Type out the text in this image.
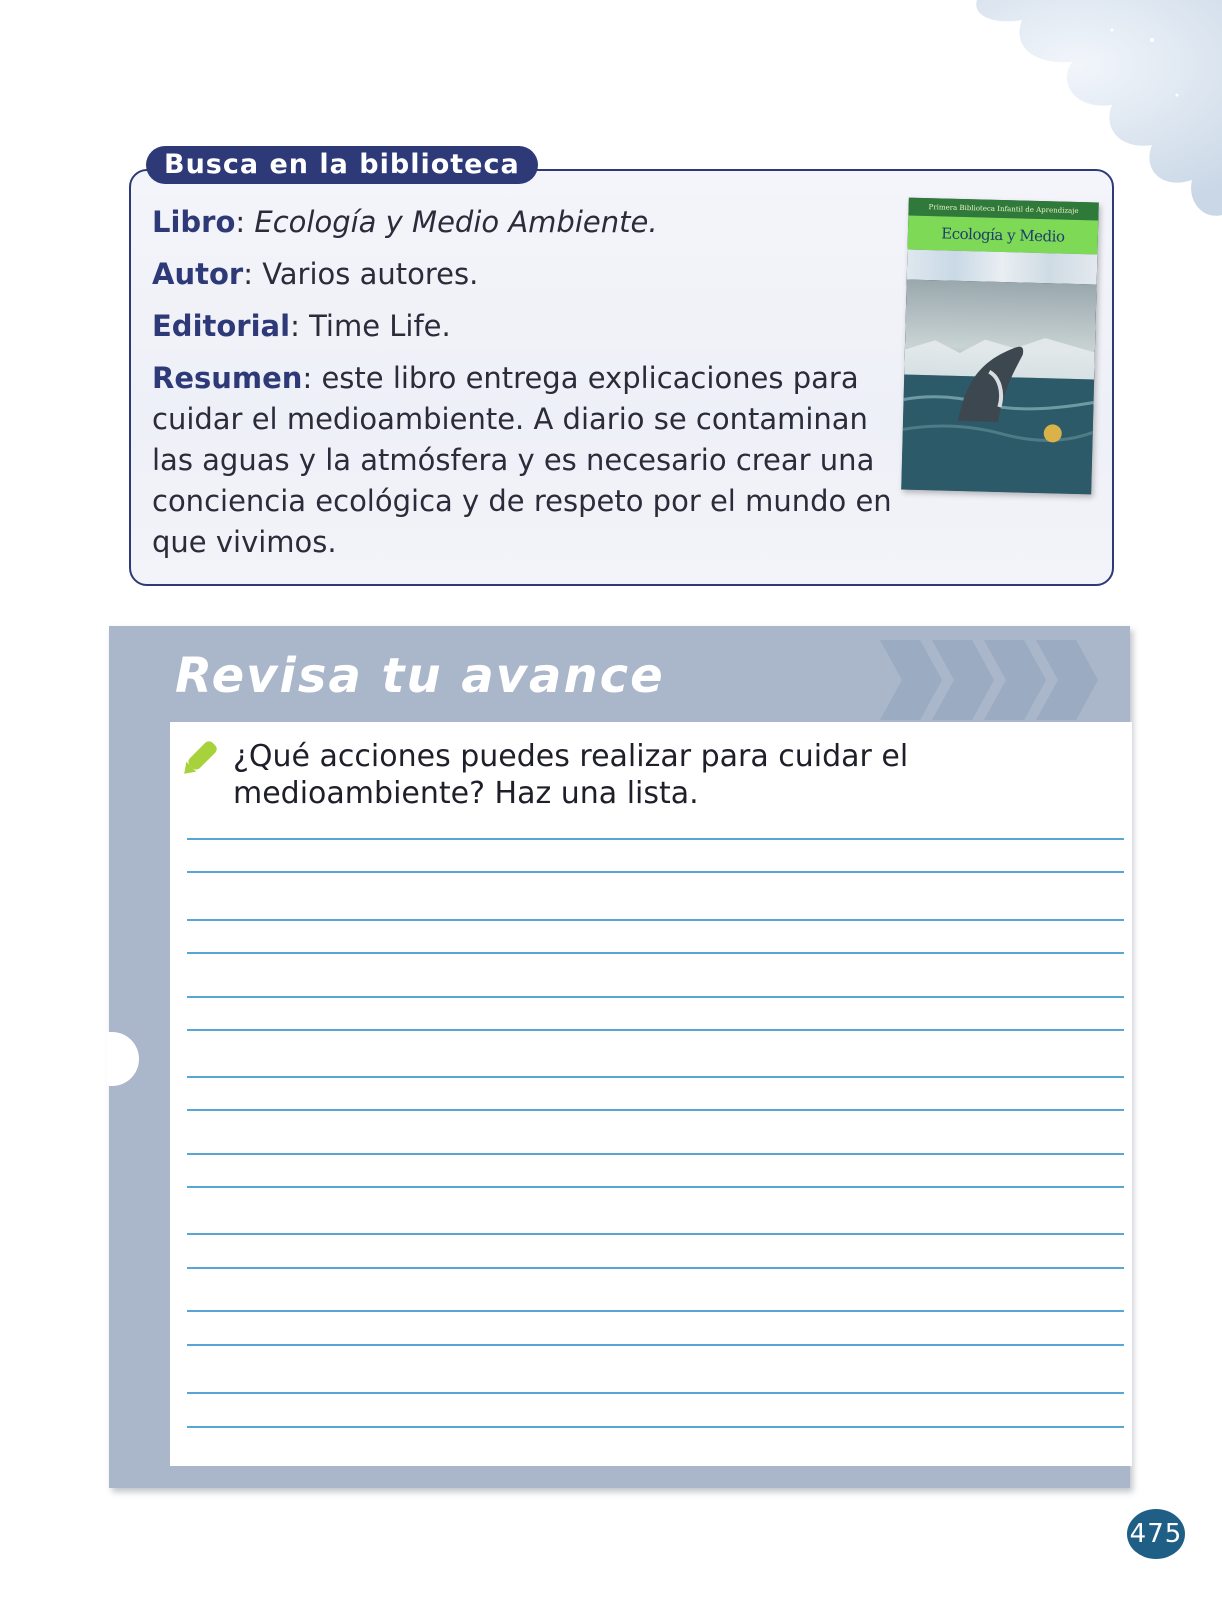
Busca en la biblioteca

Libro: Ecología y Medio Ambiente.

Autor: Varios autores.

Editorial: Time Life.

Resumen: este libro entrega explicaciones para cuidar el medioambiente. A diario se contaminan las aguas y la atmósfera y es necesario crear una conciencia ecológica y de respeto por el mundo en que vivimos.

Primera Biblioteca Infantil de Aprendizaje
Ecología y Medio
Revisa tu avance
¿Qué acciones puedes realizar para cuidar el medioambiente? Haz una lista.
475
